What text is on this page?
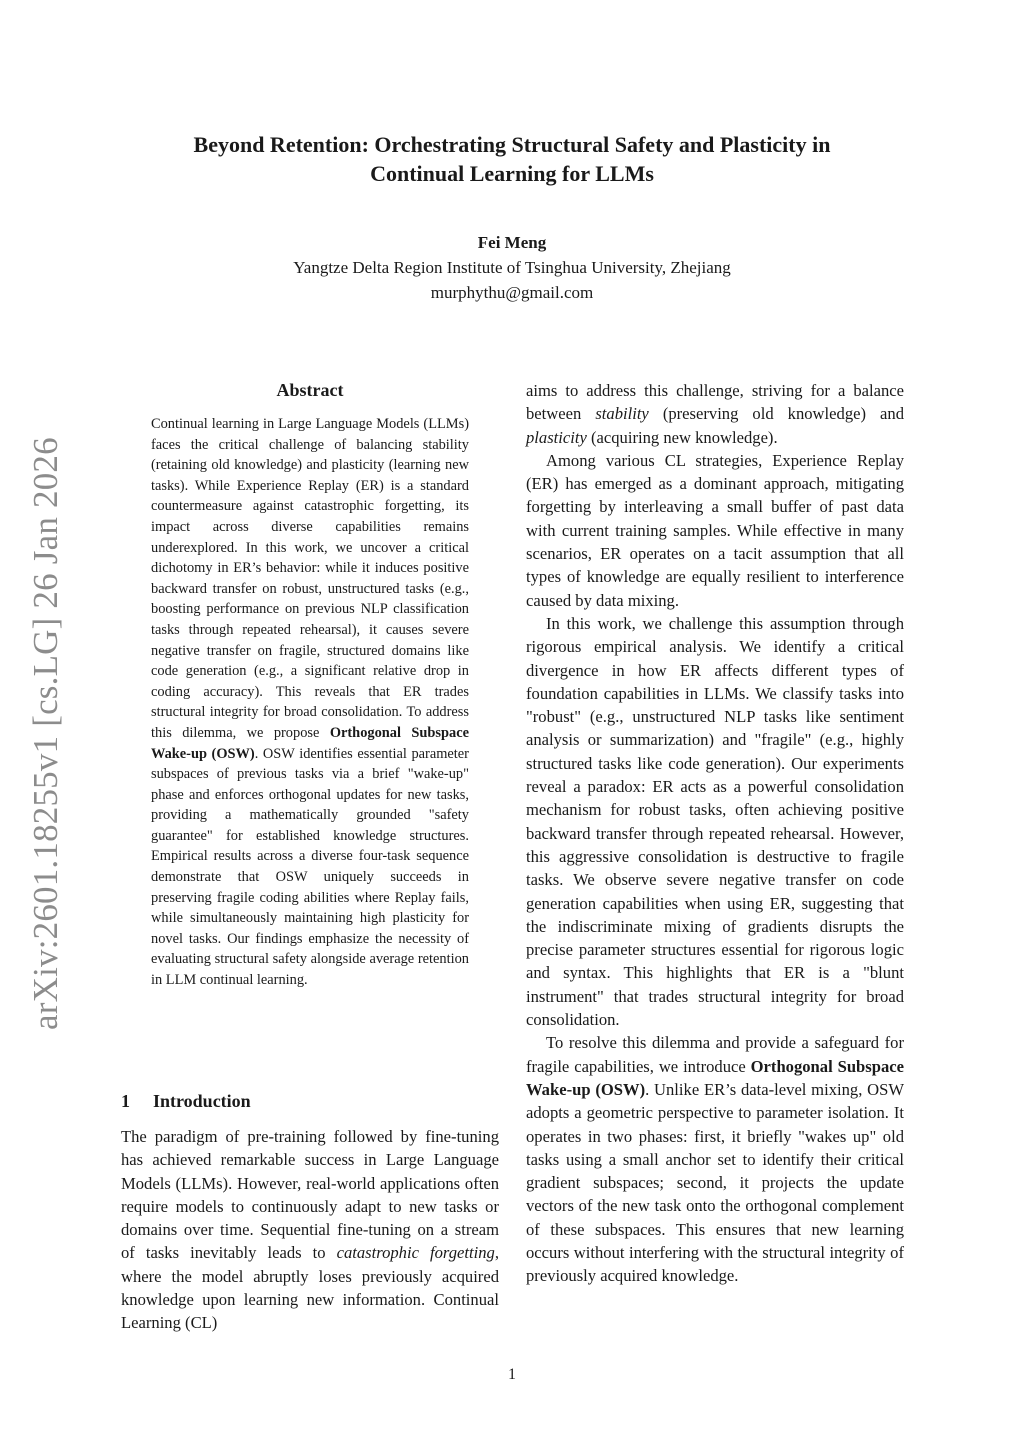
Beyond Retention: Orchestrating Structural Safety and Plasticity in
Continual Learning for LLMs
Fei Meng
Yangtze Delta Region Institute of Tsinghua University, Zhejiang
murphythu@gmail.com
arXiv:2601.18255v1 [cs.LG] 26 Jan 2026
Abstract

Continual learning in Large Language Models (LLMs) faces the critical challenge of balancing stability (retaining old knowledge) and plasticity (learning new tasks). While Experience Replay (ER) is a standard countermeasure against catastrophic forgetting, its impact across diverse capabilities remains underexplored. In this work, we uncover a critical dichotomy in ER’s behavior: while it induces positive backward transfer on robust, unstructured tasks (e.g., boosting performance on previous NLP classification tasks through repeated rehearsal), it causes severe negative transfer on fragile, structured domains like code generation (e.g., a significant relative drop in coding accuracy). This reveals that ER trades structural integrity for broad consolidation. To address this dilemma, we propose Orthogonal Subspace Wake-up (OSW). OSW identifies essential parameter subspaces of previous tasks via a brief "wake-up" phase and enforces orthogonal updates for new tasks, providing a mathematically grounded "safety guarantee" for established knowledge structures. Empirical results across a diverse four-task sequence demonstrate that OSW uniquely succeeds in preserving fragile coding abilities where Replay fails, while simultaneously maintaining high plasticity for novel tasks. Our findings emphasize the necessity of evaluating structural safety alongside average retention in LLM continual learning.

1 Introduction

The paradigm of pre-training followed by fine-tuning has achieved remarkable success in Large Language Models (LLMs). However, real-world applications often require models to continuously adapt to new tasks or domains over time. Sequential fine-tuning on a stream of tasks inevitably leads to catastrophic forgetting, where the model abruptly loses previously acquired knowledge upon learning new information. Continual Learning (CL)

aims to address this challenge, striving for a balance between stability (preserving old knowledge) and plasticity (acquiring new knowledge).

Among various CL strategies, Experience Replay (ER) has emerged as a dominant approach, mitigating forgetting by interleaving a small buffer of past data with current training samples. While effective in many scenarios, ER operates on a tacit assumption that all types of knowledge are equally resilient to interference caused by data mixing.

In this work, we challenge this assumption through rigorous empirical analysis. We identify a critical divergence in how ER affects different types of foundation capabilities in LLMs. We classify tasks into "robust" (e.g., unstructured NLP tasks like sentiment analysis or summarization) and "fragile" (e.g., highly structured tasks like code generation). Our experiments reveal a paradox: ER acts as a powerful consolidation mechanism for robust tasks, often achieving positive backward transfer through repeated rehearsal. However, this aggressive consolidation is destructive to fragile tasks. We observe severe negative transfer on code generation capabilities when using ER, suggesting that the indiscriminate mixing of gradients disrupts the precise parameter structures essential for rigorous logic and syntax. This highlights that ER is a "blunt instrument" that trades structural integrity for broad consolidation.

To resolve this dilemma and provide a safeguard for fragile capabilities, we introduce Orthogonal Subspace Wake-up (OSW). Unlike ER’s data-level mixing, OSW adopts a geometric perspective to parameter isolation. It operates in two phases: first, it briefly "wakes up" old tasks using a small anchor set to identify their critical gradient subspaces; second, it projects the update vectors of the new task onto the orthogonal complement of these subspaces. This ensures that new learning occurs without interfering with the structural integrity of previously acquired knowledge.

1
